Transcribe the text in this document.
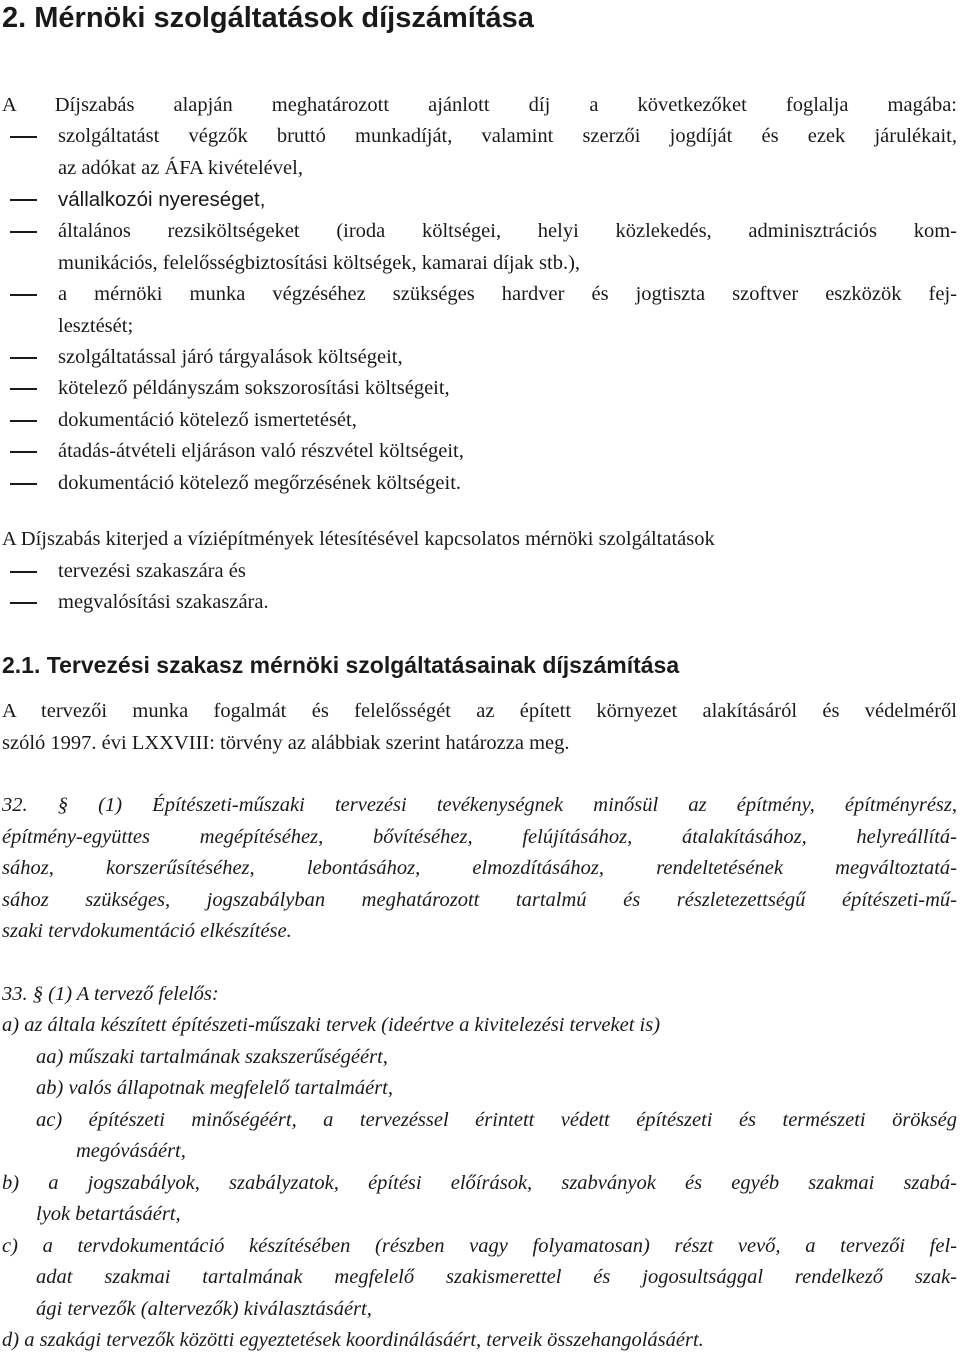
2. Mérnöki szolgáltatások díjszámítása
A Díjszabás alapján meghatározott ajánlott díj a következőket foglalja magába:
szolgáltatást végzők bruttó munkadíját, valamint szerzői jogdíját és ezek járulékait,
az adókat az ÁFA kivételével,
vállalkozói nyereséget,
általános rezsiköltségeket (iroda költségei, helyi közlekedés, adminisztrációs kom-
munikációs, felelősségbiztosítási költségek, kamarai díjak stb.),
a mérnöki munka végzéséhez szükséges hardver és jogtiszta szoftver eszközök fej-
lesztését;
szolgáltatással járó tárgyalások költségeit,
kötelező példányszám sokszorosítási költségeit,
dokumentáció kötelező ismertetését,
átadás-átvételi eljáráson való részvétel költségeit,
dokumentáció kötelező megőrzésének költségeit.
A Díjszabás kiterjed a víziépítmények létesítésével kapcsolatos mérnöki szolgáltatások
tervezési szakaszára és
megvalósítási szakaszára.
2.1. Tervezési szakasz mérnöki szolgáltatásainak díjszámítása
A tervezői munka fogalmát és felelősségét az épített környezet alakításáról és védelméről
szóló 1997. évi LXXVIII: törvény az alábbiak szerint határozza meg.
32. § (1) Építészeti-műszaki tervezési tevékenységnek minősül az építmény, építményrész,
építmény-együttes megépítéséhez, bővítéséhez, felújításához, átalakításához, helyreállítá-
sához, korszerűsítéséhez, lebontásához, elmozdításához, rendeltetésének megváltoztatá-
sához szükséges, jogszabályban meghatározott tartalmú és részletezettségű építészeti-mű-
szaki tervdokumentáció elkészítése.
33. § (1) A tervező felelős:
a) az általa készített építészeti-műszaki tervek (ideértve a kivitelezési terveket is)
aa) műszaki tartalmának szakszerűségéért,
ab) valós állapotnak megfelelő tartalmáért,
ac) építészeti minőségéért, a tervezéssel érintett védett építészeti és természeti örökség
megóvásáért,
b) a jogszabályok, szabályzatok, építési előírások, szabványok és egyéb szakmai szabá-
lyok betartásáért,
c) a tervdokumentáció készítésében (részben vagy folyamatosan) részt vevő, a tervezői fel-
adat szakmai tartalmának megfelelő szakismerettel és jogosultsággal rendelkező szak-
ági tervezők (altervezők) kiválasztásáért,
d) a szakági tervezők közötti egyeztetések koordinálásáért, terveik összehangolásáért.
